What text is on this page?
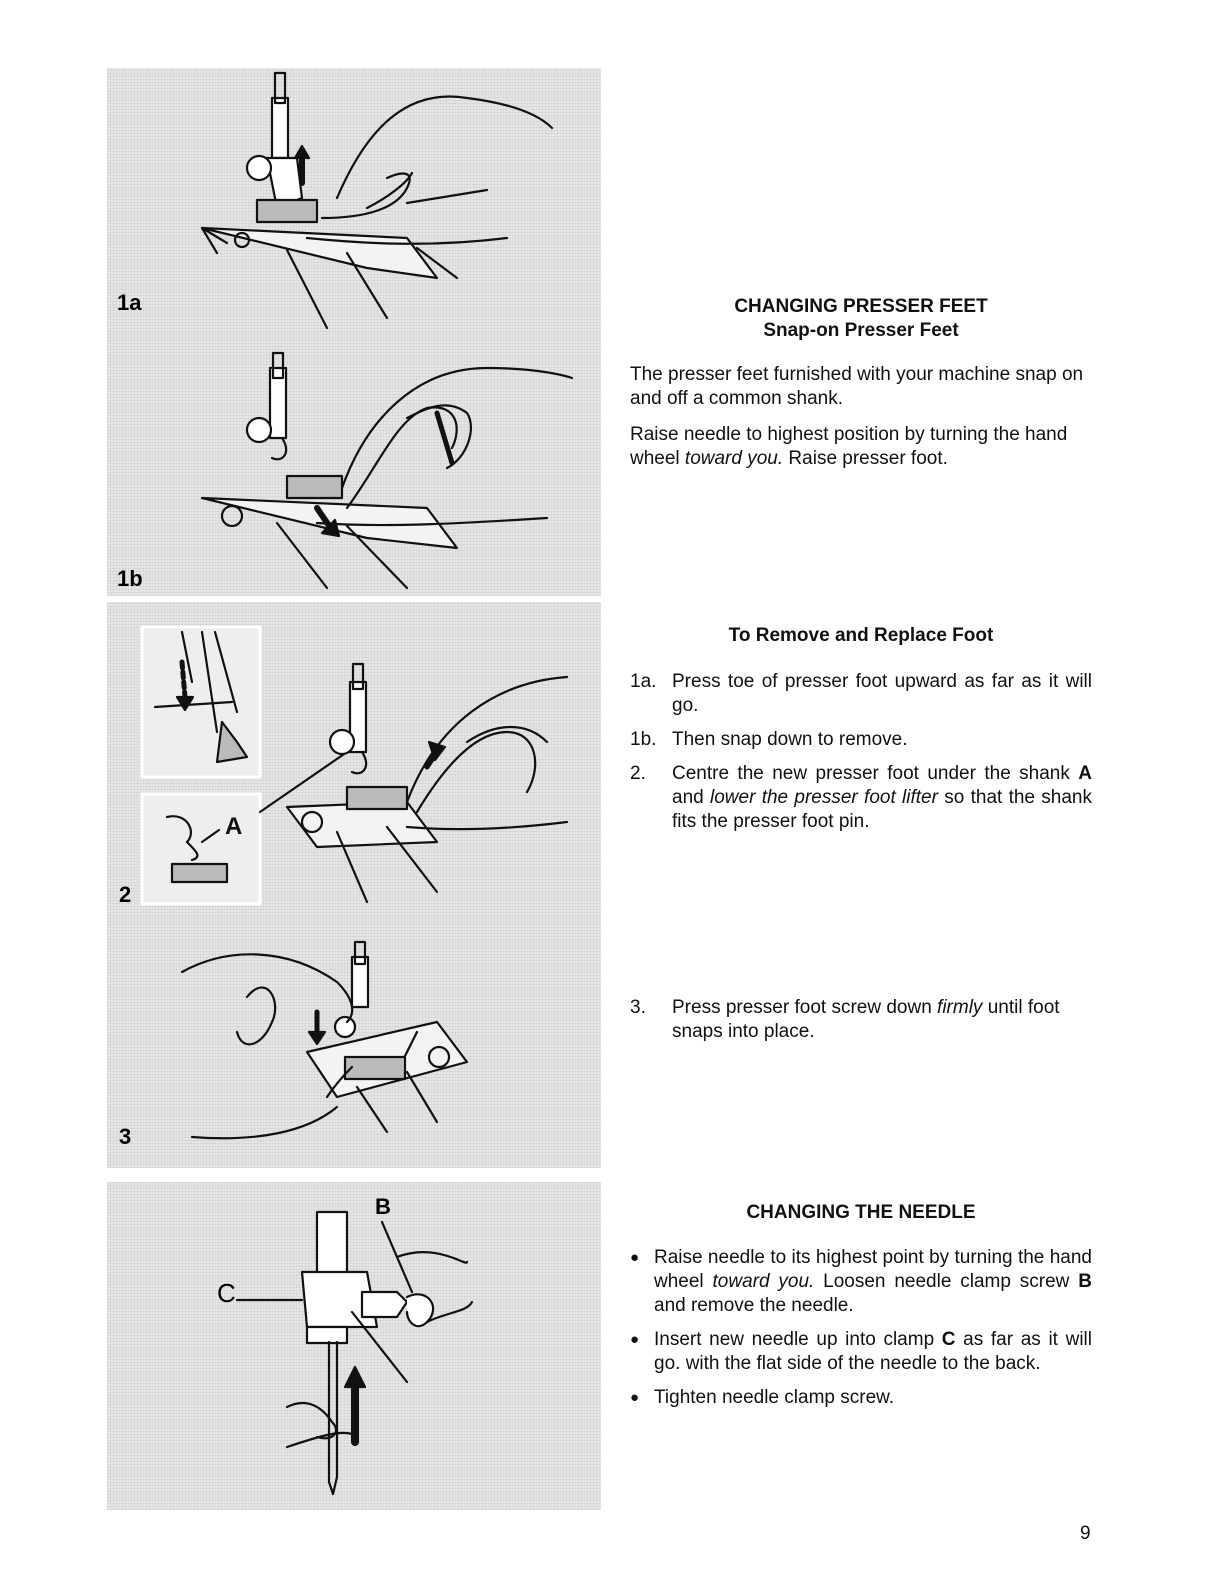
1a
1b
A
2
3
B
C
CHANGING PRESSER FEET
Snap-on Presser Feet

The presser feet furnished with your machine snap on and off a common shank.

Raise needle to highest position by turning the hand wheel toward you. Raise presser foot.

To Remove and Replace Foot
1a. Press toe of presser foot upward as far as it will go.
1b. Then snap down to remove.
2.	Centre the new presser foot under the shank A and lower the presser foot lifter so that the shank fits the presser foot pin.
3.	Press presser foot screw down firmly until foot snaps into place.
CHANGING THE NEEDLE
● Raise needle to its highest point by turning the hand wheel toward you. Loosen needle clamp screw B and remove the needle.
● Insert new needle up into clamp C as far as it will go. with the flat side of the needle to the back.
● Tighten needle clamp screw.
9
